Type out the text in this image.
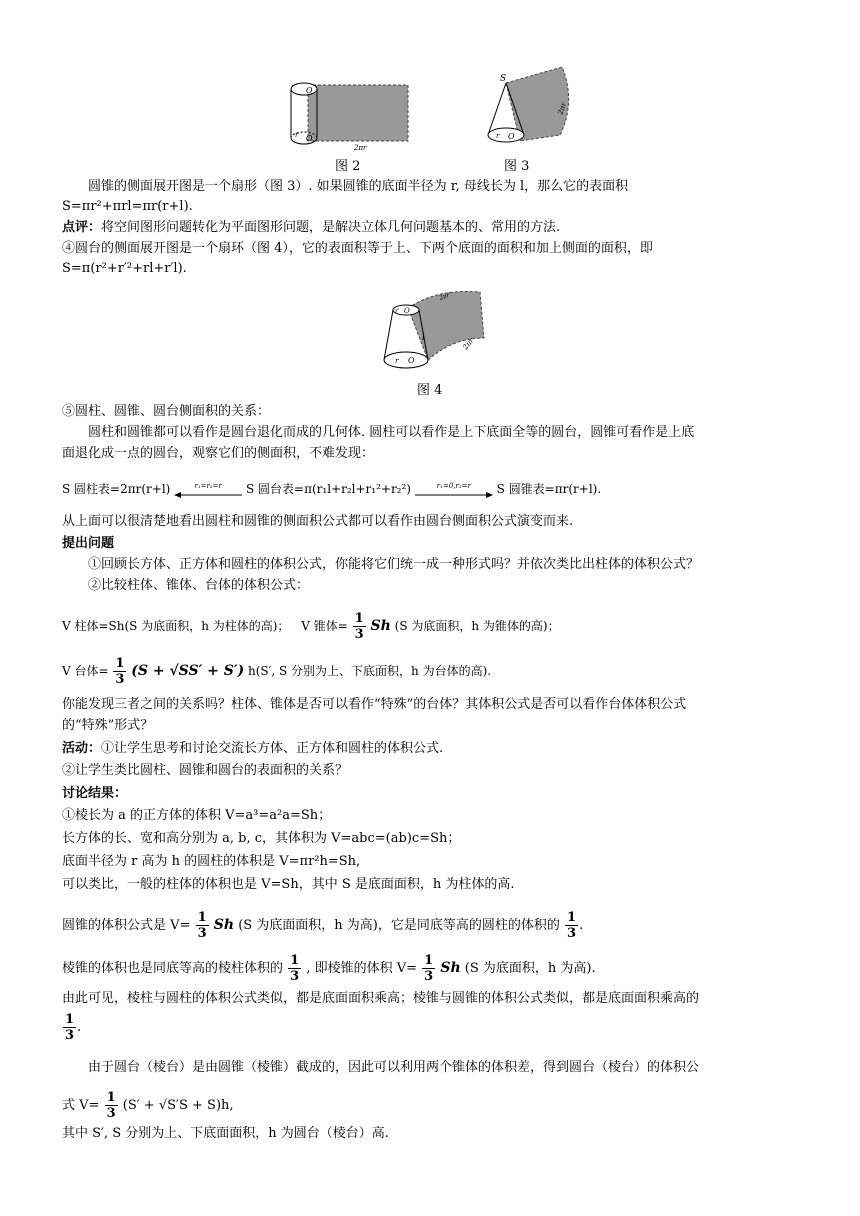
O
O
r
2πr
图 2
S
O
r
2πr
图 3
圆锥的侧面展开图是一个扇形（图 3）. 如果圆锥的底面半径为 r, 母线长为 l，那么它的表面积
S=πr²+πrl=πr(r+l).
点评：将空间图形问题转化为平面图形问题，是解决立体几何问题基本的、常用的方法.
④圆台的侧面展开图是一个扇环（图 4），它的表面积等于上、下两个底面的面积和加上侧面的面积，即
S=π(r²+r′²+rl+r′l).
O
O
r′
r
l
2πr′
2πr
图 4
⑤圆柱、圆锥、圆台侧面积的关系：
圆柱和圆锥都可以看作是圆台退化而成的几何体. 圆柱可以看作是上下底面全等的圆台，圆锥可看作是上底
面退化成一点的圆台，观察它们的侧面积，不难发现：
S 圆柱表=2πr(r+l)	r₁=r₂=r	S 圆台表=π(r₁l+r₂l+r₁²+r₂²)	r₁=0,r₂=r	S 圆锥表=πr(r+l).
从上面可以很清楚地看出圆柱和圆锥的侧面积公式都可以看作由圆台侧面积公式演变而来.
提出问题
①回顾长方体、正方体和圆柱的体积公式，你能将它们统一成一种形式吗？并依次类比出柱体的体积公式？
②比较柱体、锥体、台体的体积公式：
V 柱体=Sh(S 为底面积，h 为柱体的高)； V 锥体= $\frac{1}{3}$ Sh (S 为底面积，h 为锥体的高)；
V 台体= $\frac{1}{3} (S + √SS' + S')$ h(S′, S 分别为上、下底面积，h 为台体的高).
你能发现三者之间的关系吗？柱体、锥体是否可以看作“特殊”的台体？其体积公式是否可以看作台体体积公式
的“特殊”形式？
活动：①让学生思考和讨论交流长方体、正方体和圆柱的体积公式.
②让学生类比圆柱、圆锥和圆台的表面积的关系？
讨论结果：
①棱长为 a 的正方体的体积 V=a³=a²a=Sh；
长方体的长、宽和高分别为 a, b, c，其体积为 V=abc=(ab)c=Sh；
底面半径为 r 高为 h 的圆柱的体积是 V=πr²h=Sh,
可以类比，一般的柱体的体积也是 V=Sh，其中 S 是底面面积，h 为柱体的高.
圆锥的体积公式是 $V= \frac{1}{3}$ Sh (S 为底面面积，h 为高)，它是同底等高的圆柱的体积的 $\frac{1}{3}$ .
棱锥的体积也是同底等高的棱柱体积的 $\frac{1}{3}$ , 即棱锥的体积 $V= \frac{1}{3}$ Sh (S 为底面积，h 为高).
由此可见，棱柱与圆柱的体积公式类似，都是底面面积乘高；棱锥与圆锥的体积公式类似，都是底面面积乘高的
$\frac{1}{3}$ .
由于圆台（棱台）是由圆锥（棱锥）截成的，因此可以利用两个锥体的体积差，得到圆台（棱台）的体积公
式 $V= \frac{1}{3} (S' + √S'S + S)h$,
其中 S′, S 分别为上、下底面面积，h 为圆台（棱台）高.
